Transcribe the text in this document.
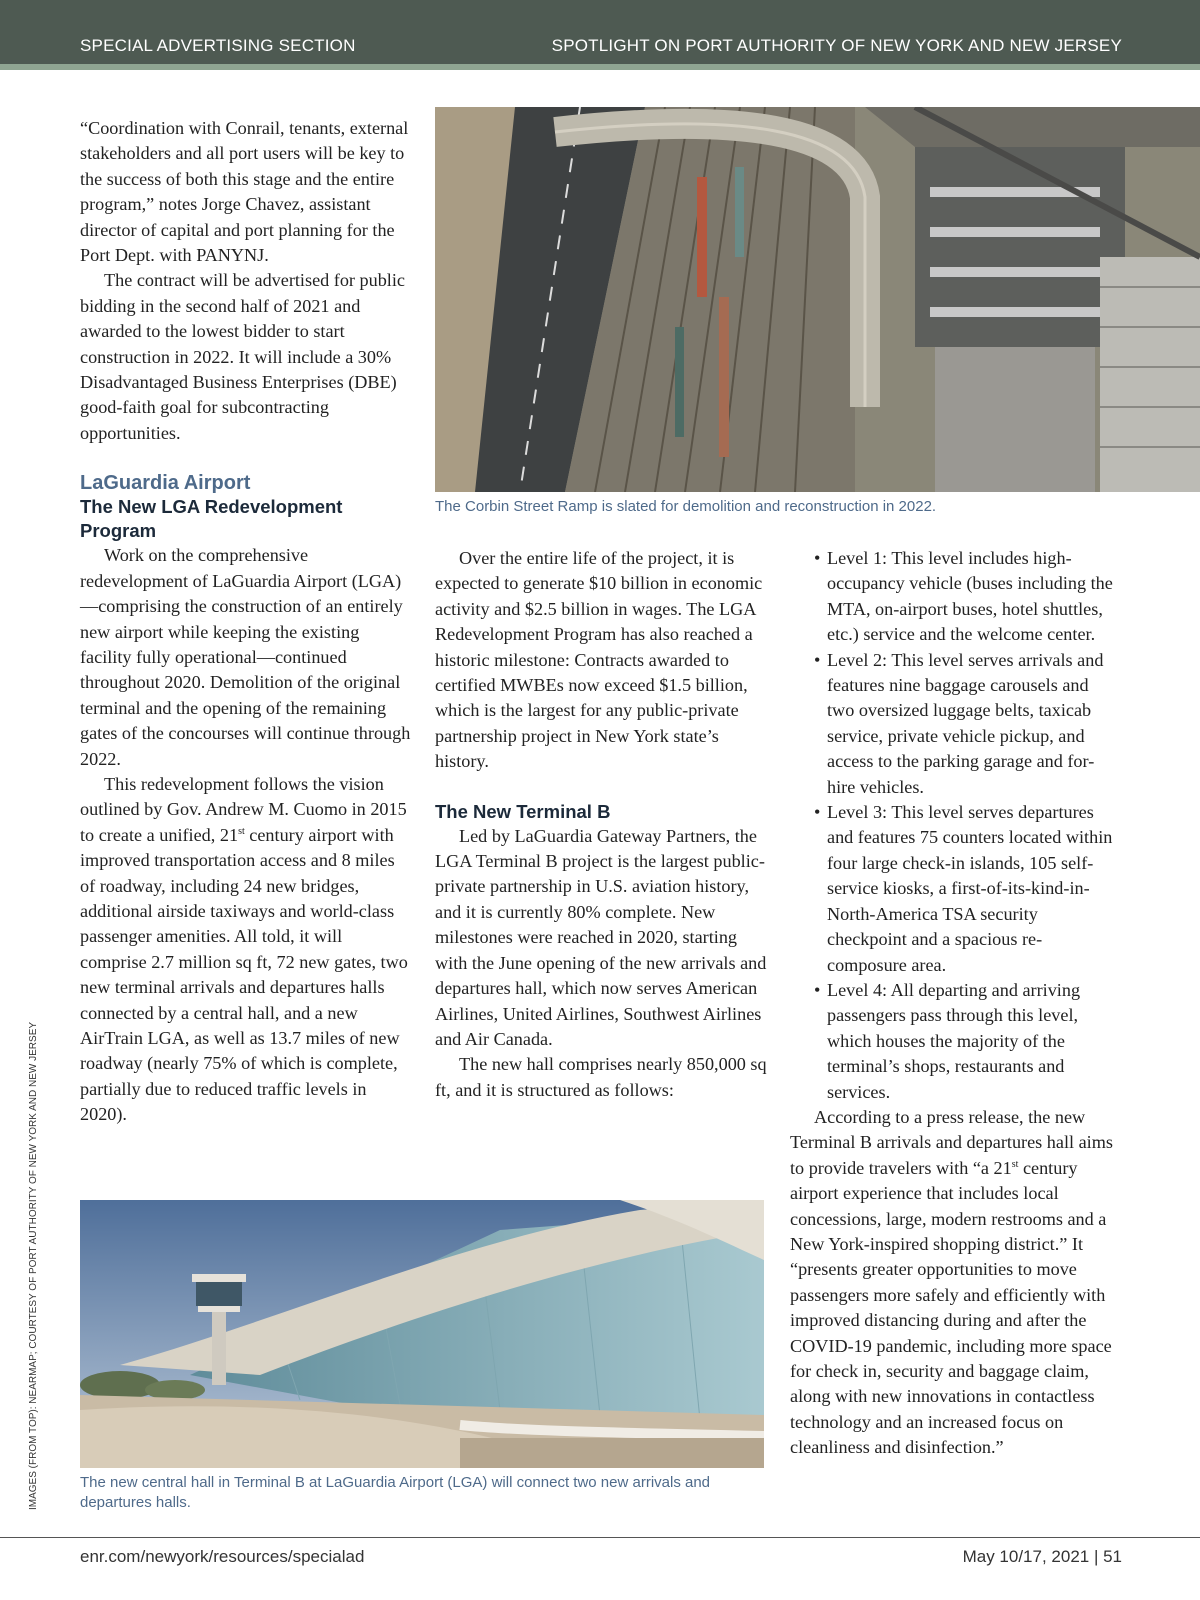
SPECIAL ADVERTISING SECTION	SPOTLIGHT ON PORT AUTHORITY OF NEW YORK AND NEW JERSEY

“Coordination with Conrail, tenants, external stakeholders and all port users will be key to the success of both this stage and the entire program,” notes Jorge Chavez, assistant director of capital and port planning for the Port Dept. with PANYNJ.

The contract will be advertised for public bidding in the second half of 2021 and awarded to the lowest bidder to start construction in 2022. It will include a 30% Disadvantaged Business Enterprises (DBE) good-faith goal for subcontracting opportunities.

LaGuardia Airport
The New LGA Redevelopment Program

Work on the comprehensive redevelopment of LaGuardia Airport (LGA)—comprising the construction of an entirely new airport while keeping the existing facility fully operational—continued throughout 2020. Demolition of the original terminal and the opening of the remaining gates of the concourses will continue through 2022.

This redevelopment follows the vision outlined by Gov. Andrew M. Cuomo in 2015 to create a unified, 21st century airport with improved transportation access and 8 miles of roadway, including 24 new bridges, additional airside taxiways and world-class passenger amenities. All told, it will comprise 2.7 million sq ft, 72 new gates, two new terminal arrivals and departures halls connected by a central hall, and a new AirTrain LGA, as well as 13.7 miles of new roadway (nearly 75% of which is complete, partially due to reduced traffic levels in 2020).

The Corbin Street Ramp is slated for demolition and reconstruction in 2022.

Over the entire life of the project, it is expected to generate $10 billion in economic activity and $2.5 billion in wages. The LGA Redevelopment Program has also reached a historic milestone: Contracts awarded to certified MWBEs now exceed $1.5 billion, which is the largest for any public-private partnership project in New York state’s history.

The New Terminal B

Led by LaGuardia Gateway Partners, the LGA Terminal B project is the largest public-private partnership in U.S. aviation history, and it is currently 80% complete. New milestones were reached in 2020, starting with the June opening of the new arrivals and departures hall, which now serves American Airlines, United Airlines, Southwest Airlines and Air Canada.

The new hall comprises nearly 850,000 sq ft, and it is structured as follows:

• Level 1: This level includes high-occupancy vehicle (buses including the MTA, on-airport buses, hotel shuttles, etc.) service and the welcome center.
• Level 2: This level serves arrivals and features nine baggage carousels and two oversized luggage belts, taxicab service, private vehicle pickup, and access to the parking garage and for-hire vehicles.
• Level 3: This level serves departures and features 75 counters located within four large check-in islands, 105 self-service kiosks, a first-of-its-kind-in-North-America TSA security checkpoint and a spacious re-composure area.
• Level 4: All departing and arriving passengers pass through this level, which houses the majority of the terminal’s shops, restaurants and services.

According to a press release, the new Terminal B arrivals and departures hall aims to provide travelers with “a 21st century airport experience that includes local concessions, large, modern restrooms and a New York-inspired shopping district.” It “presents greater opportunities to move passengers more safely and efficiently with improved distancing during and after the COVID-19 pandemic, including more space for check in, security and baggage claim, along with new innovations in contactless technology and an increased focus on cleanliness and disinfection.”

The new central hall in Terminal B at LaGuardia Airport (LGA) will connect two new arrivals and departures halls.
IMAGES (FROM TOP): NEARMAP; COURTESY OF PORT AUTHORITY OF NEW YORK AND NEW JERSEY
enr.com/newyork/resources/specialad	May 10/17, 2021 | 51
